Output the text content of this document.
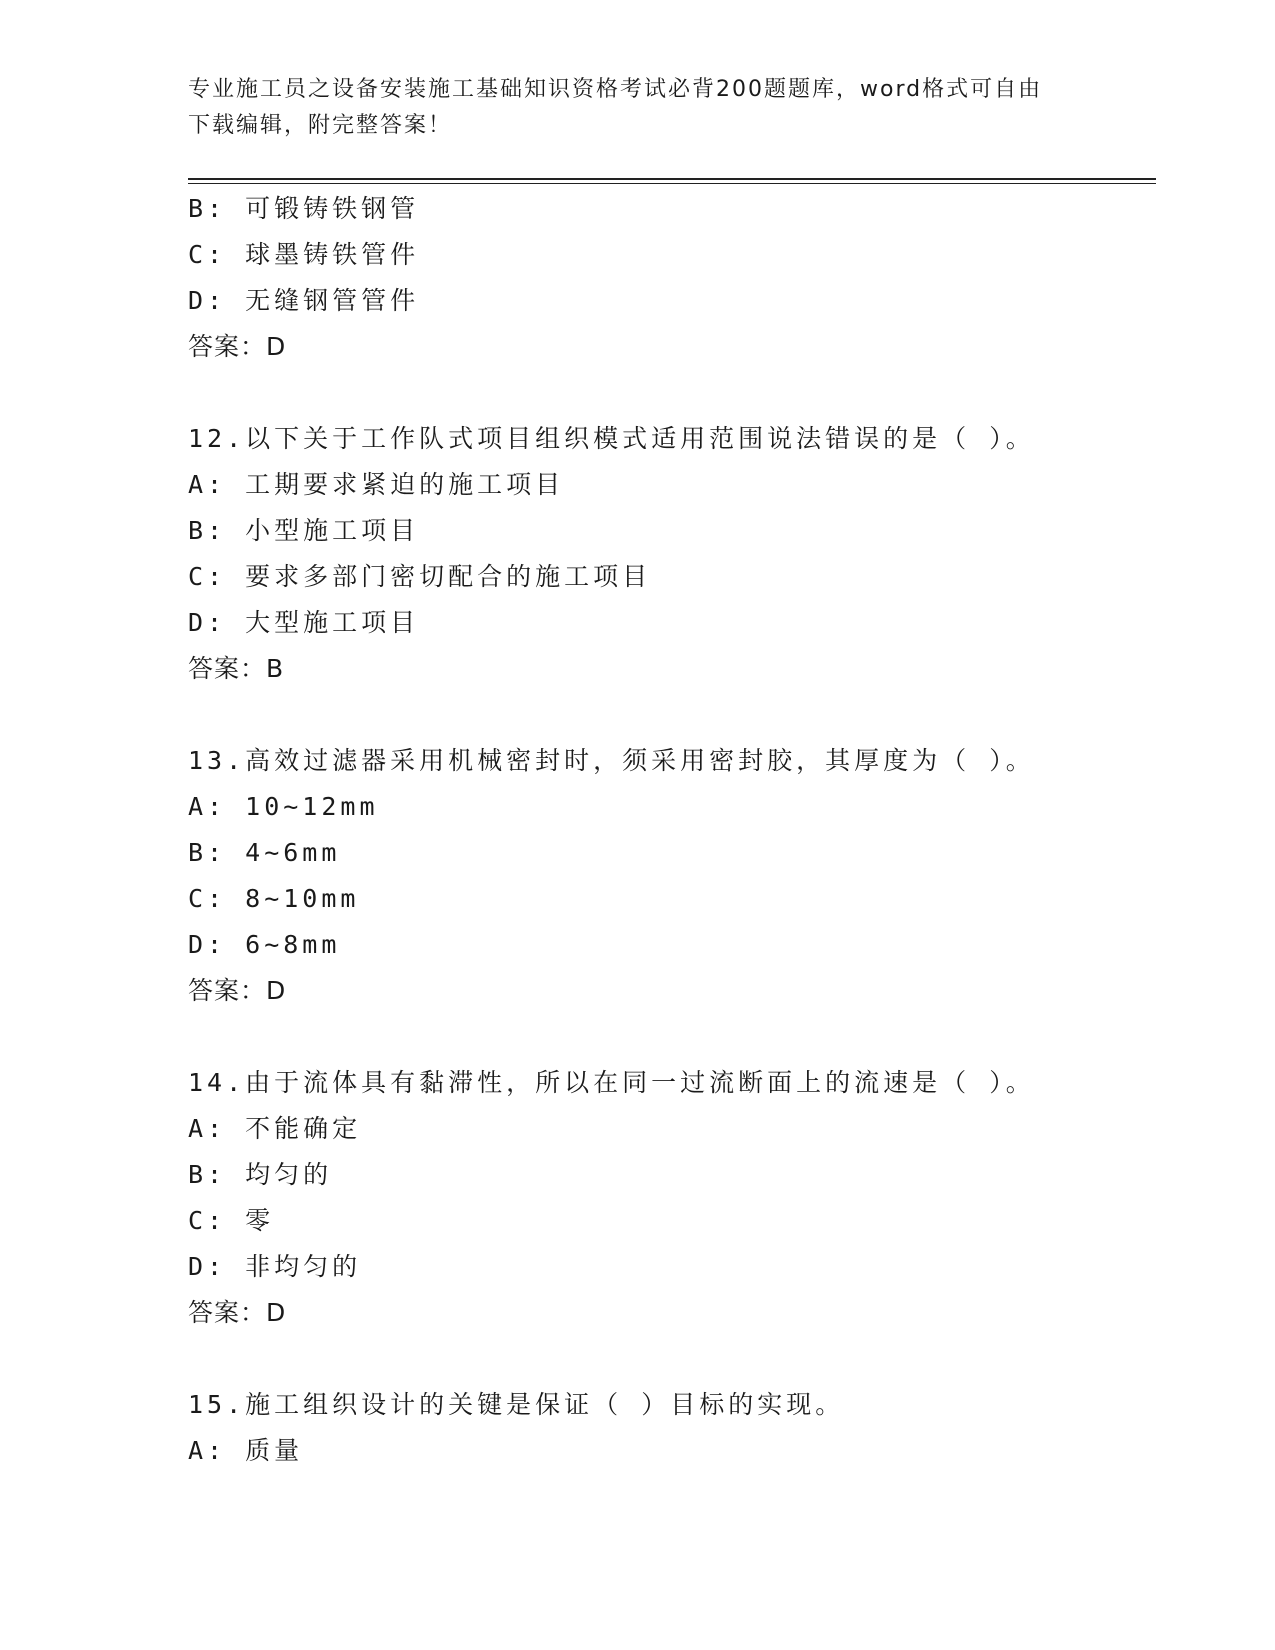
专业施工员之设备安装施工基础知识资格考试必背200题题库，word格式可自由
下载编辑，附完整答案！
B: 可锻铸铁钢管
C: 球墨铸铁管件
D: 无缝钢管管件
答案：D
12.以下关于工作队式项目组织模式适用范围说法错误的是（ ）。
A: 工期要求紧迫的施工项目
B: 小型施工项目
C: 要求多部门密切配合的施工项目
D: 大型施工项目
答案：B
13.高效过滤器采用机械密封时，须采用密封胶，其厚度为（ ）。
A: 10~12mm
B: 4~6mm
C: 8~10mm
D: 6~8mm
答案：D
14.由于流体具有黏滞性，所以在同一过流断面上的流速是（ ）。
A: 不能确定
B: 均匀的
C: 零
D: 非均匀的
答案：D
15.施工组织设计的关键是保证（ ）目标的实现。
A: 质量
